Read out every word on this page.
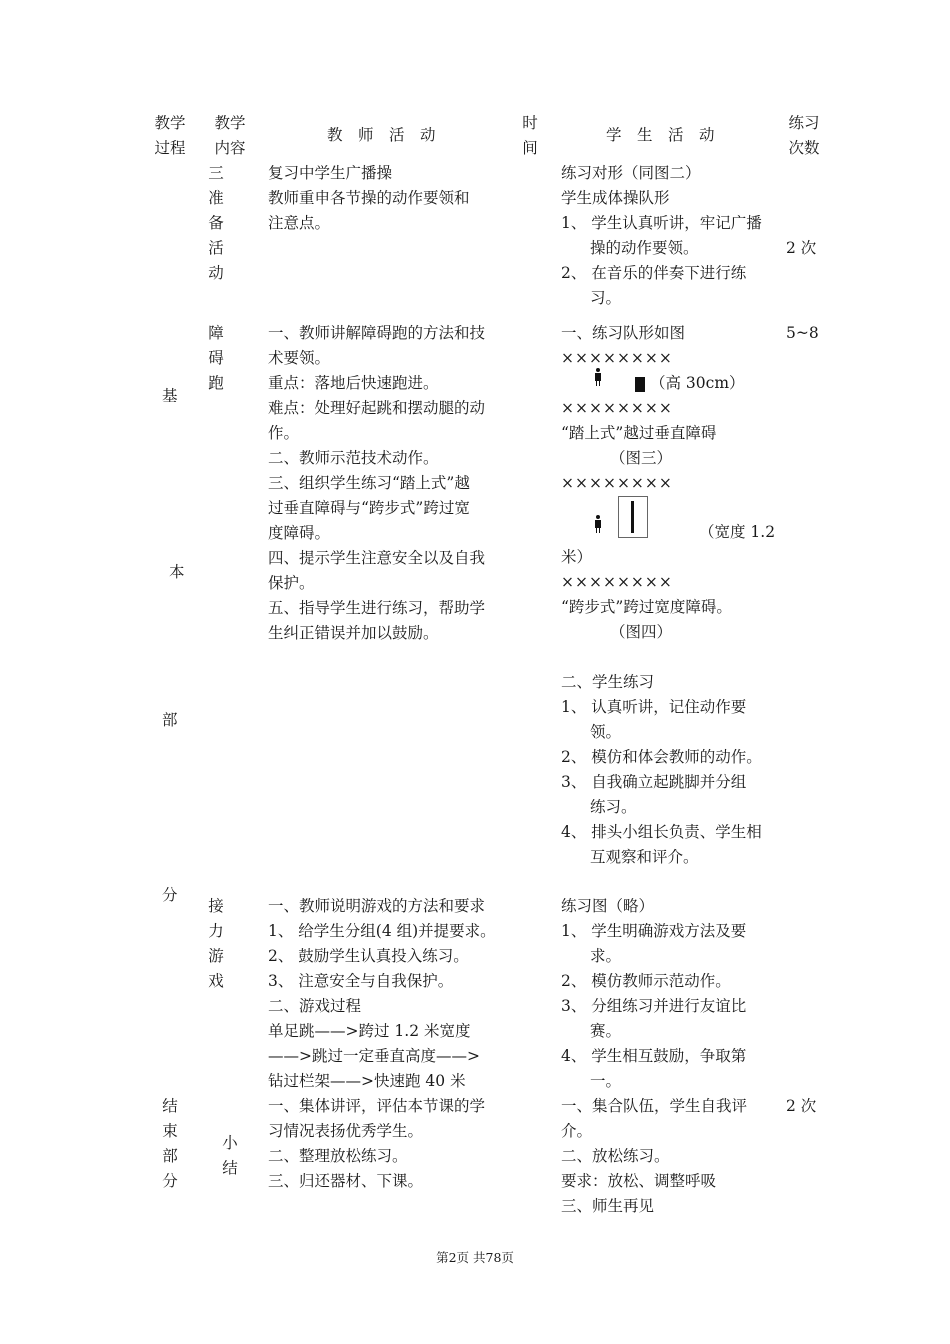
教学
过程
教学
内容
教　师　活　动
时
间
学　生　活　动
练习
次数
基
本
部
分
结
束
部
分
三
准
备
活
动
复习中学生广播操
教师重申各节操的动作要领和
注意点。
练习对形（同图二）
学生成体操队形
1、 学生认真听讲，牢记广播
操的动作要领。
2、 在音乐的伴奏下进行练
习。
2 次
障
碍
跑
一、教师讲解障碍跑的方法和技
术要领。
重点：落地后快速跑进。
难点：处理好起跳和摆动腿的动
作。
二、教师示范技术动作。
三、组织学生练习“踏上式”越
过垂直障碍与“跨步式”跨过宽
度障碍。
四、提示学生注意安全以及自我
保护。
五、指导学生进行练习，帮助学
生纠正错误并加以鼓励。
5~8
一、练习队形如图
××××××××
（高 30cm）
××××××××
“踏上式”越过垂直障碍
（图三）
××××××××
（宽度 1.2
米）
××××××××
“跨步式”跨过宽度障碍。
（图四）
二、学生练习
1、 认真听讲，记住动作要
领。
2、 模仿和体会教师的动作。
3、 自我确立起跳脚并分组
练习。
4、 排头小组长负责、学生相
互观察和评介。
接
力
游
戏
一、教师说明游戏的方法和要求
1、 给学生分组(4 组)并提要求。
2、 鼓励学生认真投入练习。
3、 注意安全与自我保护。
二、游戏过程
单足跳——>跨过 1.2 米宽度
——>跳过一定垂直高度——>
钻过栏架——>快速跑 40 米
练习图（略）
1、 学生明确游戏方法及要
求。
2、 模仿教师示范动作。
3、 分组练习并进行友谊比
赛。
4、 学生相互鼓励，争取第
一。
小
结
一、集体讲评，评估本节课的学
习情况表扬优秀学生。
二、整理放松练习。
三、归还器材、下课。
一、集合队伍，学生自我评
介。
二、放松练习。
要求：放松、调整呼吸
三、师生再见
2 次
第2页 共78页
